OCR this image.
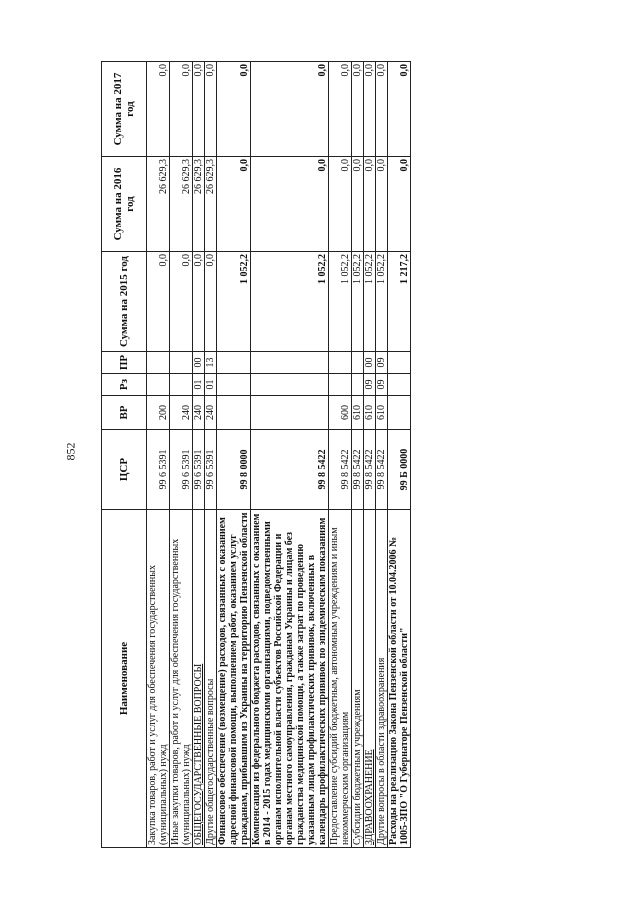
852
Наименование	ЦСР	ВР	Рз	ПР	Сумма на 2015 год	Сумма на 2016 год	Сумма на 2017 год
Закупка товаров, работ и услуг для обеспечения государственных (муниципальных) нужд	99 6 5391	200			0,0	26 629,3	0,0
Иные закупки товаров, работ и услуг для обеспечения государственных (муниципальных) нужд	99 6 5391	240			0,0	26 629,3	0,0
ОБЩЕГОСУДАРСТВЕННЫЕ ВОПРОСЫ	99 6 5391	240	01	00	0,0	26 629,3	0,0
Другие общегосударственные вопросы	99 6 5391	240	01	13	0,0	26 629,3	0,0
Финансовое обеспечение (возмещение) расходов, связанных с оказанием адресной финансовой помощи, выполнением работ, оказанием услуг гражданам, прибывшим из Украины на территорию Пензенской области	99 8 0000				1 052,2	0,0	0,0
Компенсация из федерального бюджета расходов, связанных с оказанием в 2014 - 2015 годах медицинскими организациями, подведомственными органам исполнительной власти субъектов Российской Федерации и органам местного самоуправления, гражданам Украины и лицам без гражданства медицинской помощи, а также затрат по проведению указанным лицам профилактических прививок, включенных в календарь профилактических прививок по эпидемическим показаниям	99 8 5422				1 052,2	0,0	0,0
Предоставление субсидий бюджетным, автономным учреждениям и иным некоммерческим организациям	99 8 5422	600			1 052,2	0,0	0,0
Субсидии бюджетным учреждениям	99 8 5422	610			1 052,2	0,0	0,0
ЗДРАВООХРАНЕНИЕ	99 8 5422	610	09	00	1 052,2	0,0	0,0
Другие вопросы в области здравоохранения	99 8 5422	610	09	09	1 052,2	0,0	0,0
Расходы на реализацию Закона Пензенской области от 10.04.2006 № 1005-ЗПО "О Губернаторе Пензенской области"	99 Б 0000				1 217,2	0,0	0,0
